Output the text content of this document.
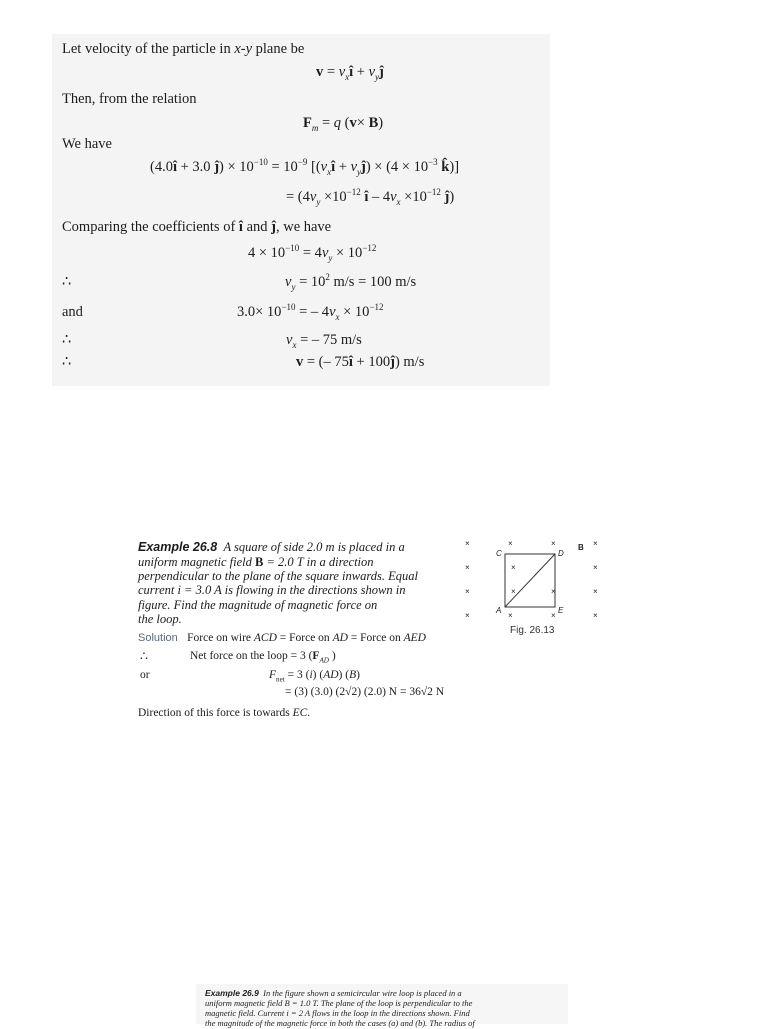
Let velocity of the particle in x-y plane be
$v = v_xî$ + $v_yĵ$
Then, from the relation
$F_m = q$ (v× B)
We have
(4.0î + 3.0 ĵ) × $10^{-10} = 10^{-9}$ [($v_xî$ + $v_yĵ) \times (4 \times 10^{-3}$ k̂)]
= ($4v_y \times 10^{-12}$ î – $4v_x \times 10^{-12}$ ĵ)
Comparing the coefficients of î and ĵ, we have
$4 \times 10^{-10} = 4v_y \times 10^{-12}$
∴	$v_y = 10^2$ m/s = 100 m/s
and	$3.0\times 10^{-10}$ = – $4v_x \times 10^{-12}$
∴	$v_x$ = – 75 m/s
∴	v = (– 75î + 100ĵ) m/s
Example 26.8 A square of side 2.0 m is placed in a
uniform magnetic field B = 2.0 T in a direction
perpendicular to the plane of the square inwards. Equal
current i = 3.0 A is flowing in the directions shown in
figure. Find the magnitude of magnetic force on
the loop.
Solution Force on wire ACD = Force on AD = Force on AED
∴	Net force on the loop = 3 ($F_{AD}$ )
or	$F_{net} = 3$ (i) (AD) (B)
= (3) (3.0) (2√2) (2.0) N = 36√2 N
Direction of this force is towards EC.
×	×	×	×
×	×
×
×	×	×	×
×	×	×	×
C	D
A	E
B
Fig. 26.13
Example 26.9 In the figure shown a semicircular wire loop is placed in a
uniform magnetic field B = 1.0 T. The plane of the loop is perpendicular to the
magnetic field. Current i = 2 A flows in the loop in the directions shown. Find
the magnitude of the magnetic force in both the cases (a) and (b). The radius of
